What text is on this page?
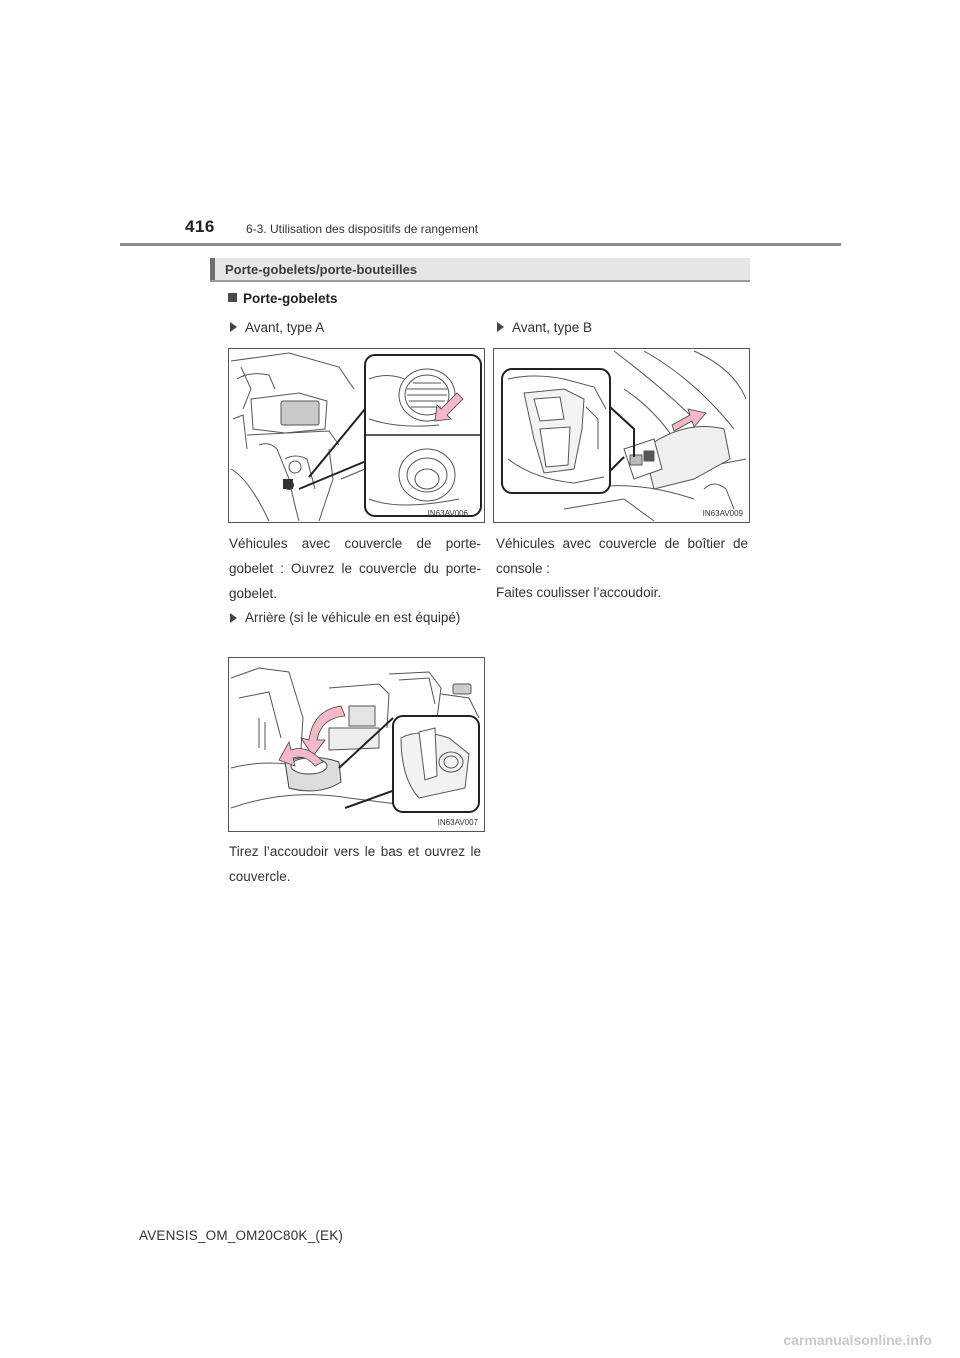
416	6-3. Utilisation des dispositifs de rangement
Porte-gobelets/porte-bouteilles
Porte-gobelets
Avant, type A
IN63AV006
Véhicules avec couvercle de porte-gobelet : Ouvrez le couvercle du porte-gobelet.
Arrière (si le véhicule en est équipé)
IN63AV007
Tirez l’accoudoir vers le bas et ouvrez le couvercle.
Avant, type B
IN63AV009
Véhicules avec couvercle de boîtier de console :
Faites coulisser l’accoudoir.
AVENSIS_OM_OM20C80K_(EK)
carmanualsonline.info
